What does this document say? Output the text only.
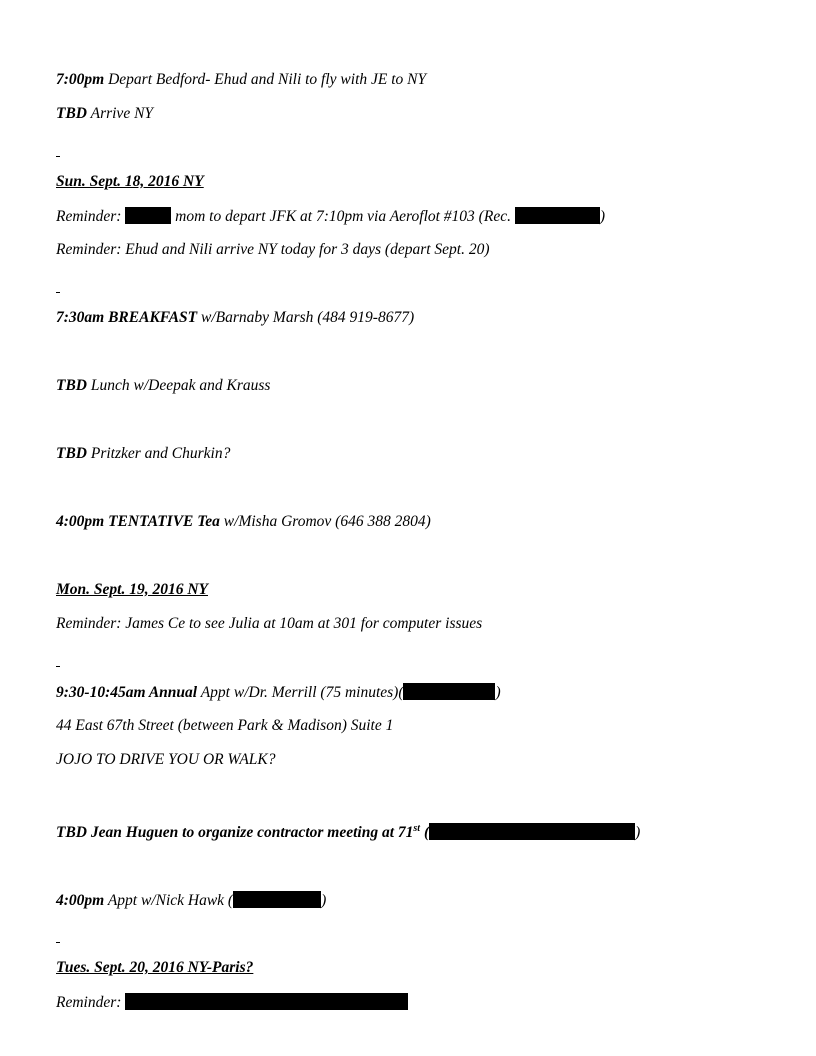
7:00pm Depart Bedford- Ehud and Nili to fly with JE to NY
TBD Arrive NY
Sun. Sept. 18, 2016 NY
Reminder:	mom to depart JFK at 7:10pm via Aeroflot #103 (Rec.	)
Reminder: Ehud and Nili arrive NY today for 3 days (depart Sept. 20)
7:30am BREAKFAST w/Barnaby Marsh (484 919-8677)
TBD Lunch w/Deepak and Krauss
TBD Pritzker and Churkin?
4:00pm TENTATIVE Tea w/Misha Gromov (646 388 2804)
Mon. Sept. 19, 2016 NY
Reminder: James Ce to see Julia at 10am at 301 for computer issues
9:30-10:45am Annual Appt w/Dr. Merrill (75 minutes)(	)
44 East 67th Street (between Park & Madison) Suite 1
JOJO TO DRIVE YOU OR WALK?
TBD Jean Huguen to organize contractor meeting at 71st (	)
4:00pm Appt w/Nick Hawk (	)
Tues. Sept. 20, 2016 NY-Paris?
Reminder:
